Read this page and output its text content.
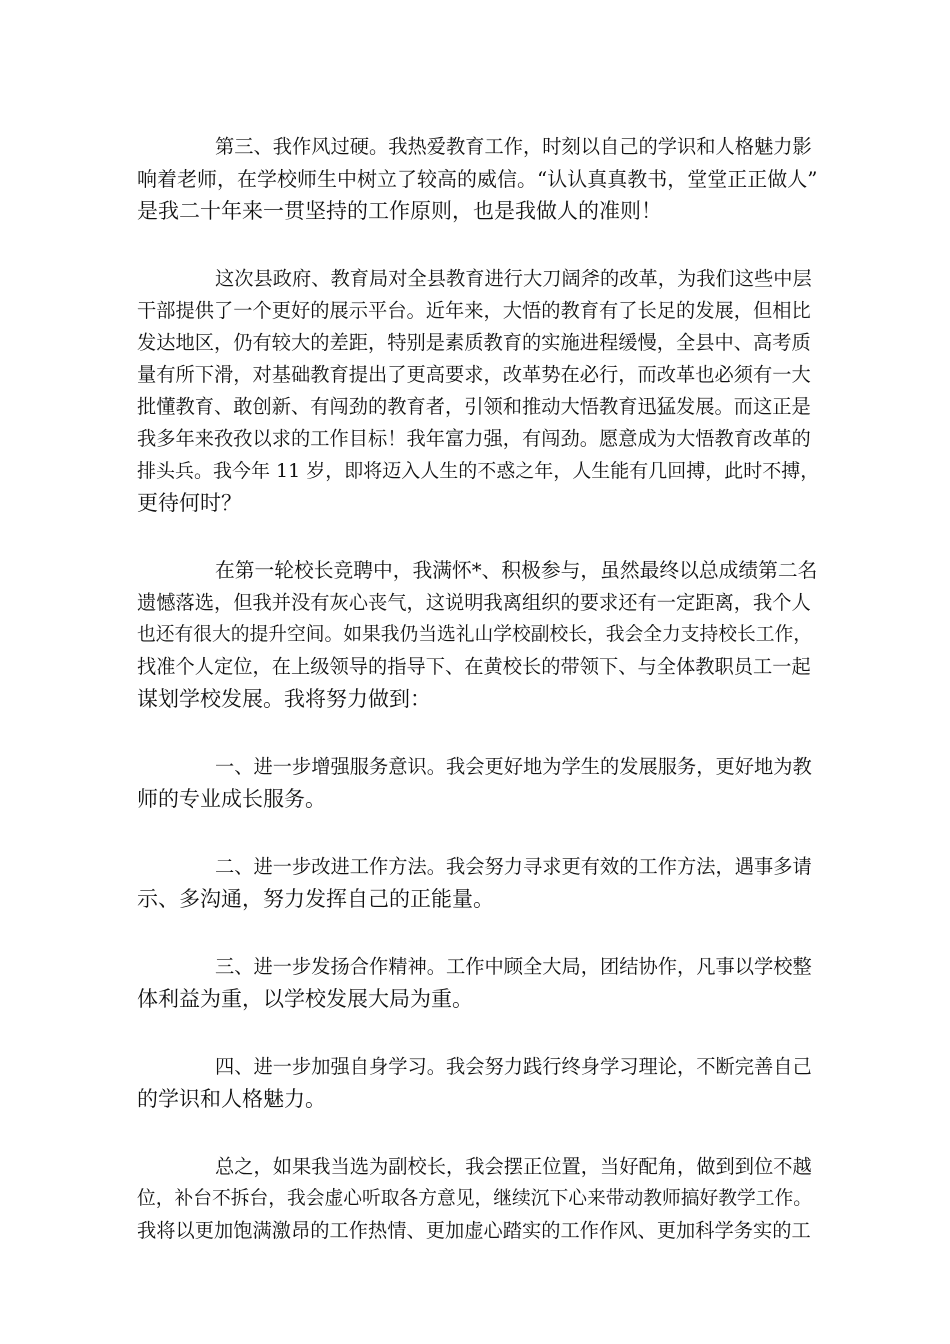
第三、我作风过硬。我热爱教育工作，时刻以自己的学识和人格魅力影
响着老师，在学校师生中树立了较高的威信。“认认真真教书，堂堂正正做人”
是我二十年来一贯坚持的工作原则，也是我做人的准则！

这次县政府、教育局对全县教育进行大刀阔斧的改革，为我们这些中层
干部提供了一个更好的展示平台。近年来，大悟的教育有了长足的发展，但相比
发达地区，仍有较大的差距，特别是素质教育的实施进程缓慢，全县中、高考质
量有所下滑，对基础教育提出了更高要求，改革势在必行，而改革也必须有一大
批懂教育、敢创新、有闯劲的教育者，引领和推动大悟教育迅猛发展。而这正是
我多年来孜孜以求的工作目标！我年富力强，有闯劲。愿意成为大悟教育改革的
排头兵。我今年 11 岁，即将迈入人生的不惑之年，人生能有几回搏，此时不搏，
更待何时？

在第一轮校长竞聘中，我满怀*、积极参与，虽然最终以总成绩第二名
遗憾落选，但我并没有灰心丧气，这说明我离组织的要求还有一定距离，我个人
也还有很大的提升空间。如果我仍当选礼山学校副校长，我会全力支持校长工作，
找准个人定位，在上级领导的指导下、在黄校长的带领下、与全体教职员工一起
谋划学校发展。我将努力做到：

一、进一步增强服务意识。我会更好地为学生的发展服务，更好地为教
师的专业成长服务。

二、进一步改进工作方法。我会努力寻求更有效的工作方法，遇事多请
示、多沟通，努力发挥自己的正能量。

三、进一步发扬合作精神。工作中顾全大局，团结协作，凡事以学校整
体利益为重，以学校发展大局为重。

四、进一步加强自身学习。我会努力践行终身学习理论，不断完善自己
的学识和人格魅力。

总之，如果我当选为副校长，我会摆正位置，当好配角，做到到位不越
位，补台不拆台，我会虚心听取各方意见，继续沉下心来带动教师搞好教学工作。
我将以更加饱满激昂的工作热情、更加虚心踏实的工作作风、更加科学务实的工
